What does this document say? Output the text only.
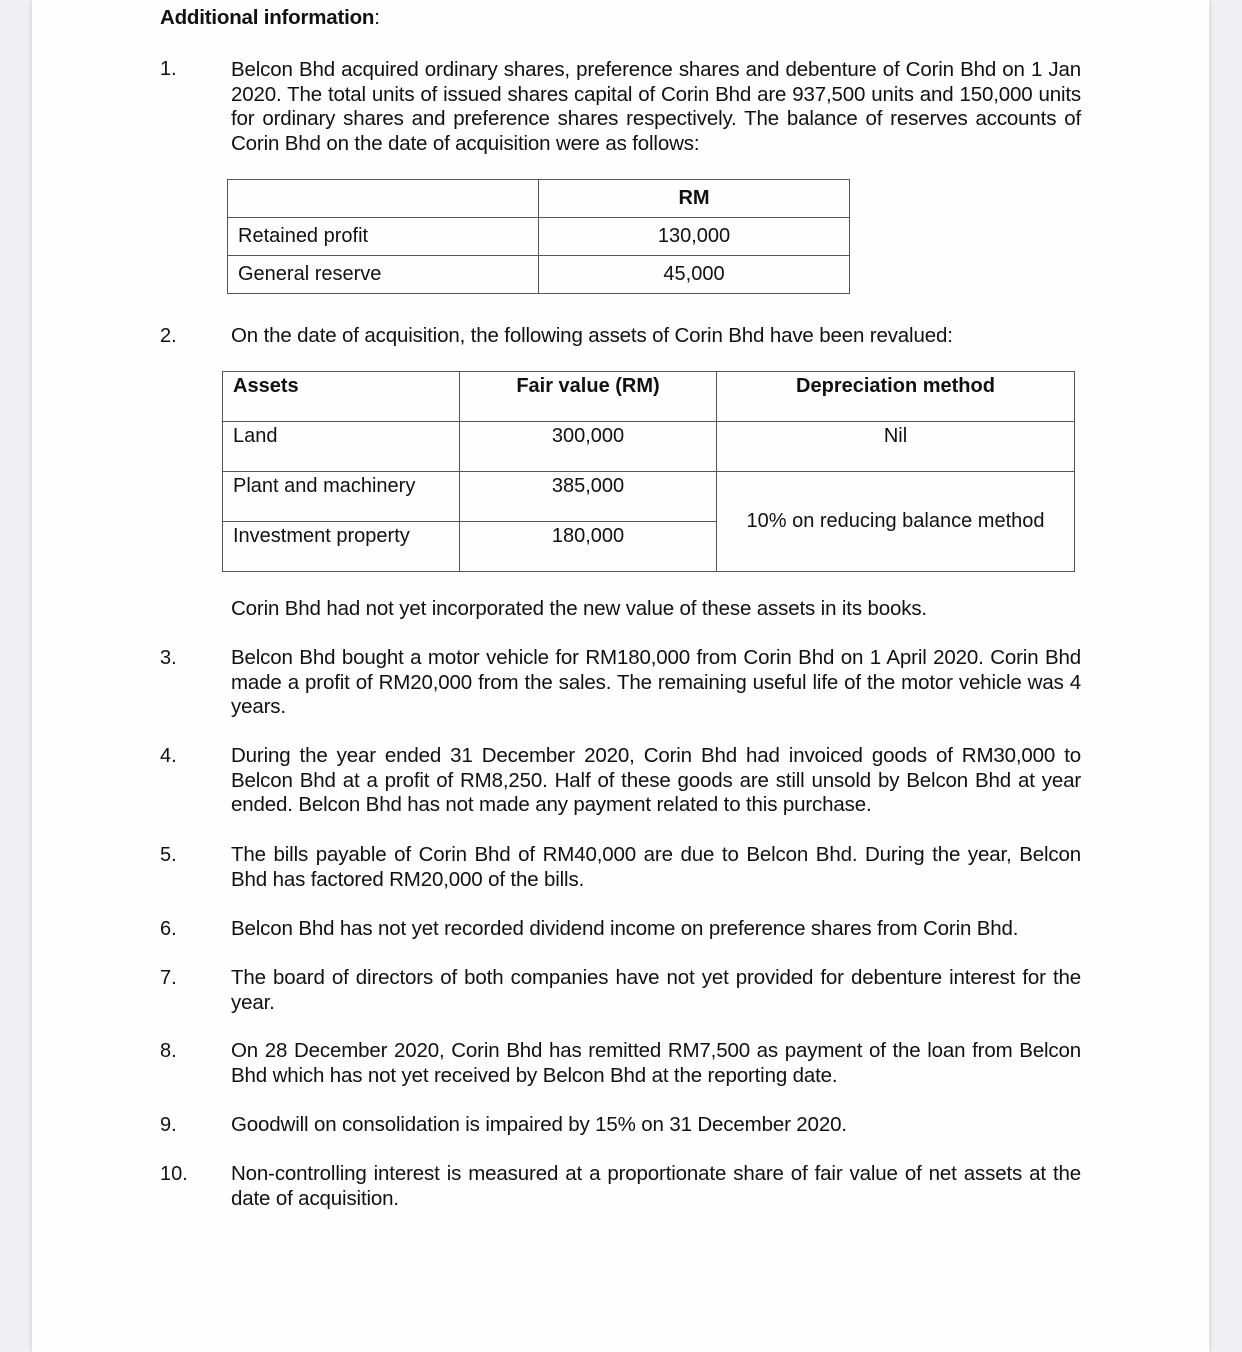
Additional information:
1.	Belcon Bhd acquired ordinary shares, preference shares and debenture of Corin Bhd on 1 Jan 2020. The total units of issued shares capital of Corin Bhd are 937,500 units and 150,000 units for ordinary shares and preference shares respectively. The balance of reserves accounts of Corin Bhd on the date of acquisition were as follows:
	RM
Retained profit	130,000
General reserve	45,000
2.	On the date of acquisition, the following assets of Corin Bhd have been revalued:
Assets	Fair value (RM)	Depreciation method
Land	300,000	Nil
Plant and machinery	385,000	10% on reducing balance method
Investment property	180,000	
Corin Bhd had not yet incorporated the new value of these assets in its books.
3.	Belcon Bhd bought a motor vehicle for RM180,000 from Corin Bhd on 1 April 2020. Corin Bhd made a profit of RM20,000 from the sales. The remaining useful life of the motor vehicle was 4 years.
4.	During the year ended 31 December 2020, Corin Bhd had invoiced goods of RM30,000 to Belcon Bhd at a profit of RM8,250. Half of these goods are still unsold by Belcon Bhd at year ended. Belcon Bhd has not made any payment related to this purchase.
5.	The bills payable of Corin Bhd of RM40,000 are due to Belcon Bhd. During the year, Belcon Bhd has factored RM20,000 of the bills.
6.	Belcon Bhd has not yet recorded dividend income on preference shares from Corin Bhd.
7.	The board of directors of both companies have not yet provided for debenture interest for the year.
8.	On 28 December 2020, Corin Bhd has remitted RM7,500 as payment of the loan from Belcon Bhd which has not yet received by Belcon Bhd at the reporting date.
9.	Goodwill on consolidation is impaired by 15% on 31 December 2020.
10. Non-controlling interest is measured at a proportionate share of fair value of net assets at the date of acquisition.
